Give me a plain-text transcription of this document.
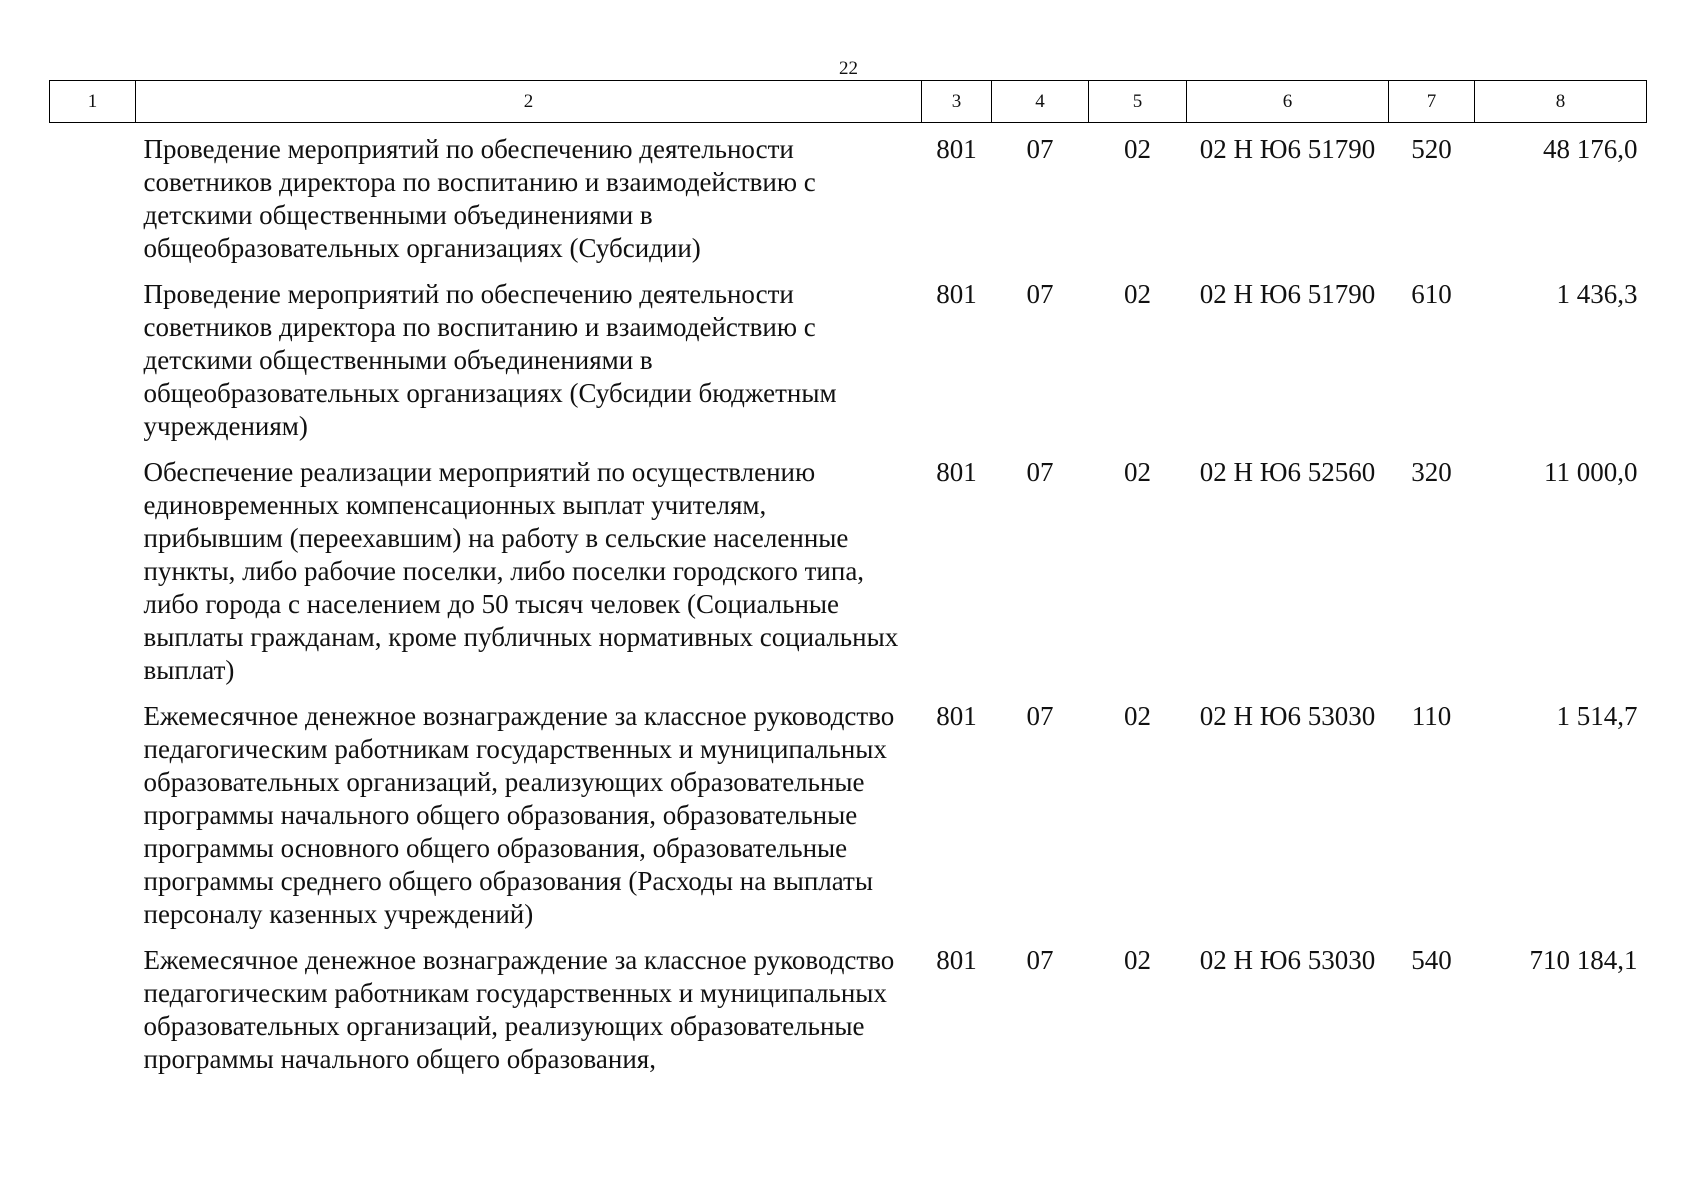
22
1	2	3	4	5	6	7	8
	Проведение мероприятий по обеспечению деятельности советников директора по воспитанию и взаимодействию с детскими общественными объединениями в общеобразовательных организациях (Субсидии)	801	07	02	02 Н Ю6 51790	520	48 176,0
	Проведение мероприятий по обеспечению деятельности советников директора по воспитанию и взаимодействию с детскими общественными объединениями в общеобразовательных организациях (Субсидии бюджетным учреждениям)	801	07	02	02 Н Ю6 51790	610	1 436,3
	Обеспечение реализации мероприятий по осуществлению единовременных компенсационных выплат учителям, прибывшим (переехавшим) на работу в сельские населенные пункты, либо рабочие поселки, либо поселки городского типа, либо города с населением до 50 тысяч человек (Социальные выплаты гражданам, кроме публичных нормативных социальных выплат)	801	07	02	02 Н Ю6 52560	320	11 000,0
	Ежемесячное денежное вознаграждение за классное руководство педагогическим работникам государственных и муниципальных образовательных организаций, реализующих образовательные программы начального общего образования, образовательные программы основного общего образования, образовательные программы среднего общего образования (Расходы на выплаты персоналу казенных учреждений)	801	07	02	02 Н Ю6 53030	110	1 514,7
	Ежемесячное денежное вознаграждение за классное руководство педагогическим работникам государственных и муниципальных образовательных организаций, реализующих образовательные программы начального общего образования,	801	07	02	02 Н Ю6 53030	540	710 184,1
